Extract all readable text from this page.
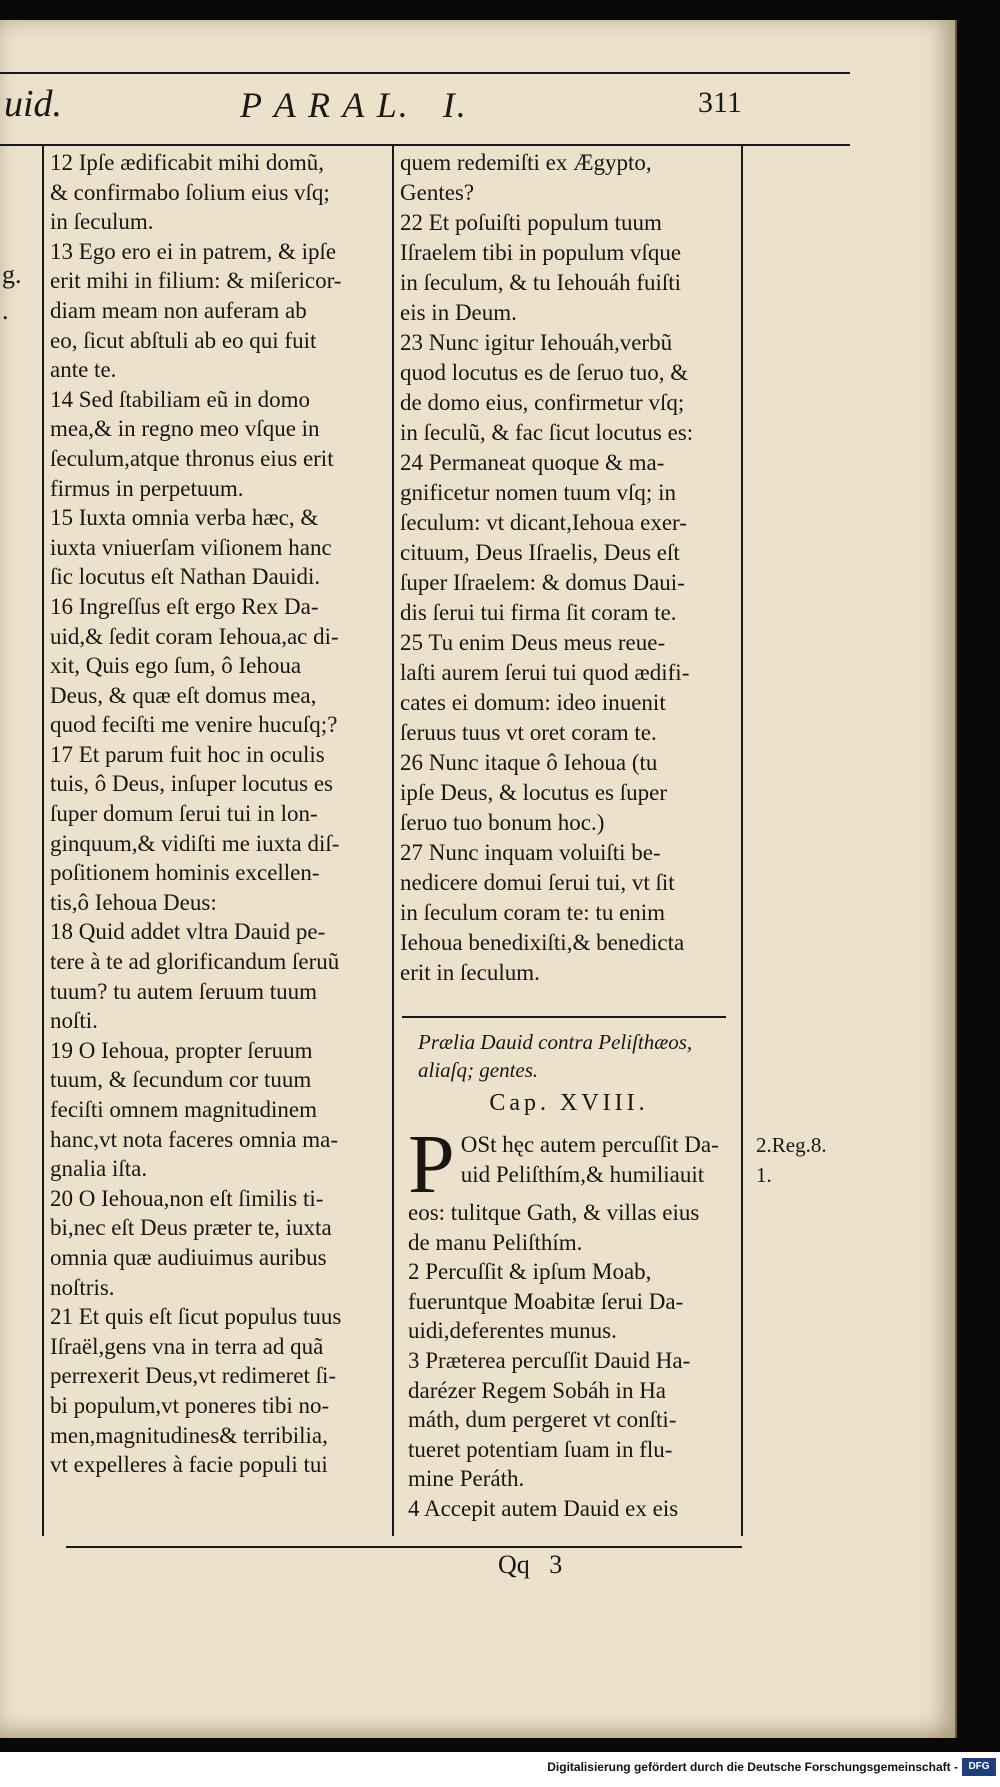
uid.	P A R A L.   I.	311
g.
.
12 Ipſe ædificabit mihi domũ,
& confirmabo ſolium eius vſq;
in ſeculum.
13 Ego ero ei in patrem, & ipſe
erit mihi in filium: & miſericor-
diam meam non auferam ab
eo, ſicut abſtuli ab eo qui fuit
ante te.
14 Sed ſtabiliam eũ in domo
mea,& in regno meo vſque in
ſeculum,atque thronus eius erit
firmus in perpetuum.
15 Iuxta omnia verba hæc, &
iuxta vniuerſam viſionem hanc
ſic locutus eſt Nathan Dauidi.
16 Ingreſſus eſt ergo Rex Da-
uid,& ſedit coram Iehoua,ac di-
xit, Quis ego ſum, ô Iehoua
Deus, & quæ eſt domus mea,
quod feciſti me venire hucuſq;?
17 Et parum fuit hoc in oculis
tuis, ô Deus, inſuper locutus es
ſuper domum ſerui tui in lon-
ginquum,& vidiſti me iuxta diſ-
poſitionem hominis excellen-
tis,ô Iehoua Deus:
18 Quid addet vltra Dauid pe-
tere à te ad glorificandum ſeruũ
tuum? tu autem ſeruum tuum
noſti.
19 O Iehoua, propter ſeruum
tuum, & ſecundum cor tuum
feciſti omnem magnitudinem
hanc,vt nota faceres omnia ma-
gnalia iſta.
20 O Iehoua,non eſt ſimilis ti-
bi,nec eſt Deus præter te, iuxta
omnia quæ audiuimus auribus
noſtris.
21 Et quis eſt ſicut populus tuus
Iſraël,gens vna in terra ad quã
perrexerit Deus,vt redimeret ſi-
bi populum,vt poneres tibi no-
men,magnitudines& terribilia,
vt expelleres à facie populi tui
quem redemiſti ex Ægypto,
Gentes?
22 Et poſuiſti populum tuum
Iſraelem tibi in populum vſque
in ſeculum, & tu Iehouáh fuiſti
eis in Deum.
23 Nunc igitur Iehouáh,verbũ
quod locutus es de ſeruo tuo, &
de domo eius, confirmetur vſq;
in ſeculũ, & fac ſicut locutus es:
24 Permaneat quoque & ma-
gnificetur nomen tuum vſq; in
ſeculum: vt dicant,Iehoua exer-
cituum, Deus Iſraelis, Deus eſt
ſuper Iſraelem: & domus Daui-
dis ſerui tui firma ſit coram te.
25 Tu enim Deus meus reue-
laſti aurem ſerui tui quod ædifi-
cates ei domum: ideo inuenit
ſeruus tuus vt oret coram te.
26 Nunc itaque ô Iehoua (tu
ipſe Deus, & locutus es ſuper
ſeruo tuo bonum hoc.)
27 Nunc inquam voluiſti be-
nedicere domui ſerui tui, vt ſit
in ſeculum coram te: tu enim
Iehoua benedixiſti,& benedicta
erit in ſeculum.
Prælia Dauid contra Peliſthæos,
aliaſq; gentes.
Cap. XVIII.
P OSt hęc autem percuſſit Da-
uid Peliſthím,& humiliauit
eos: tulitque Gath, & villas eius
de manu Peliſthím.
2 Percuſſit & ipſum Moab,
fueruntque Moabitæ ſerui Da-
uidi,deferentes munus.
3 Præterea percuſſit Dauid Ha-
darézer Regem Sobáh in Ha
máth, dum pergeret vt conſti-
tueret potentiam ſuam in flu-
mine Peráth.
4 Accepit autem Dauid ex eis
2.Reg.8.
1.
Qq   3
Digitalisierung gefördert durch die Deutsche Forschungsgemeinschaft -	DFG
